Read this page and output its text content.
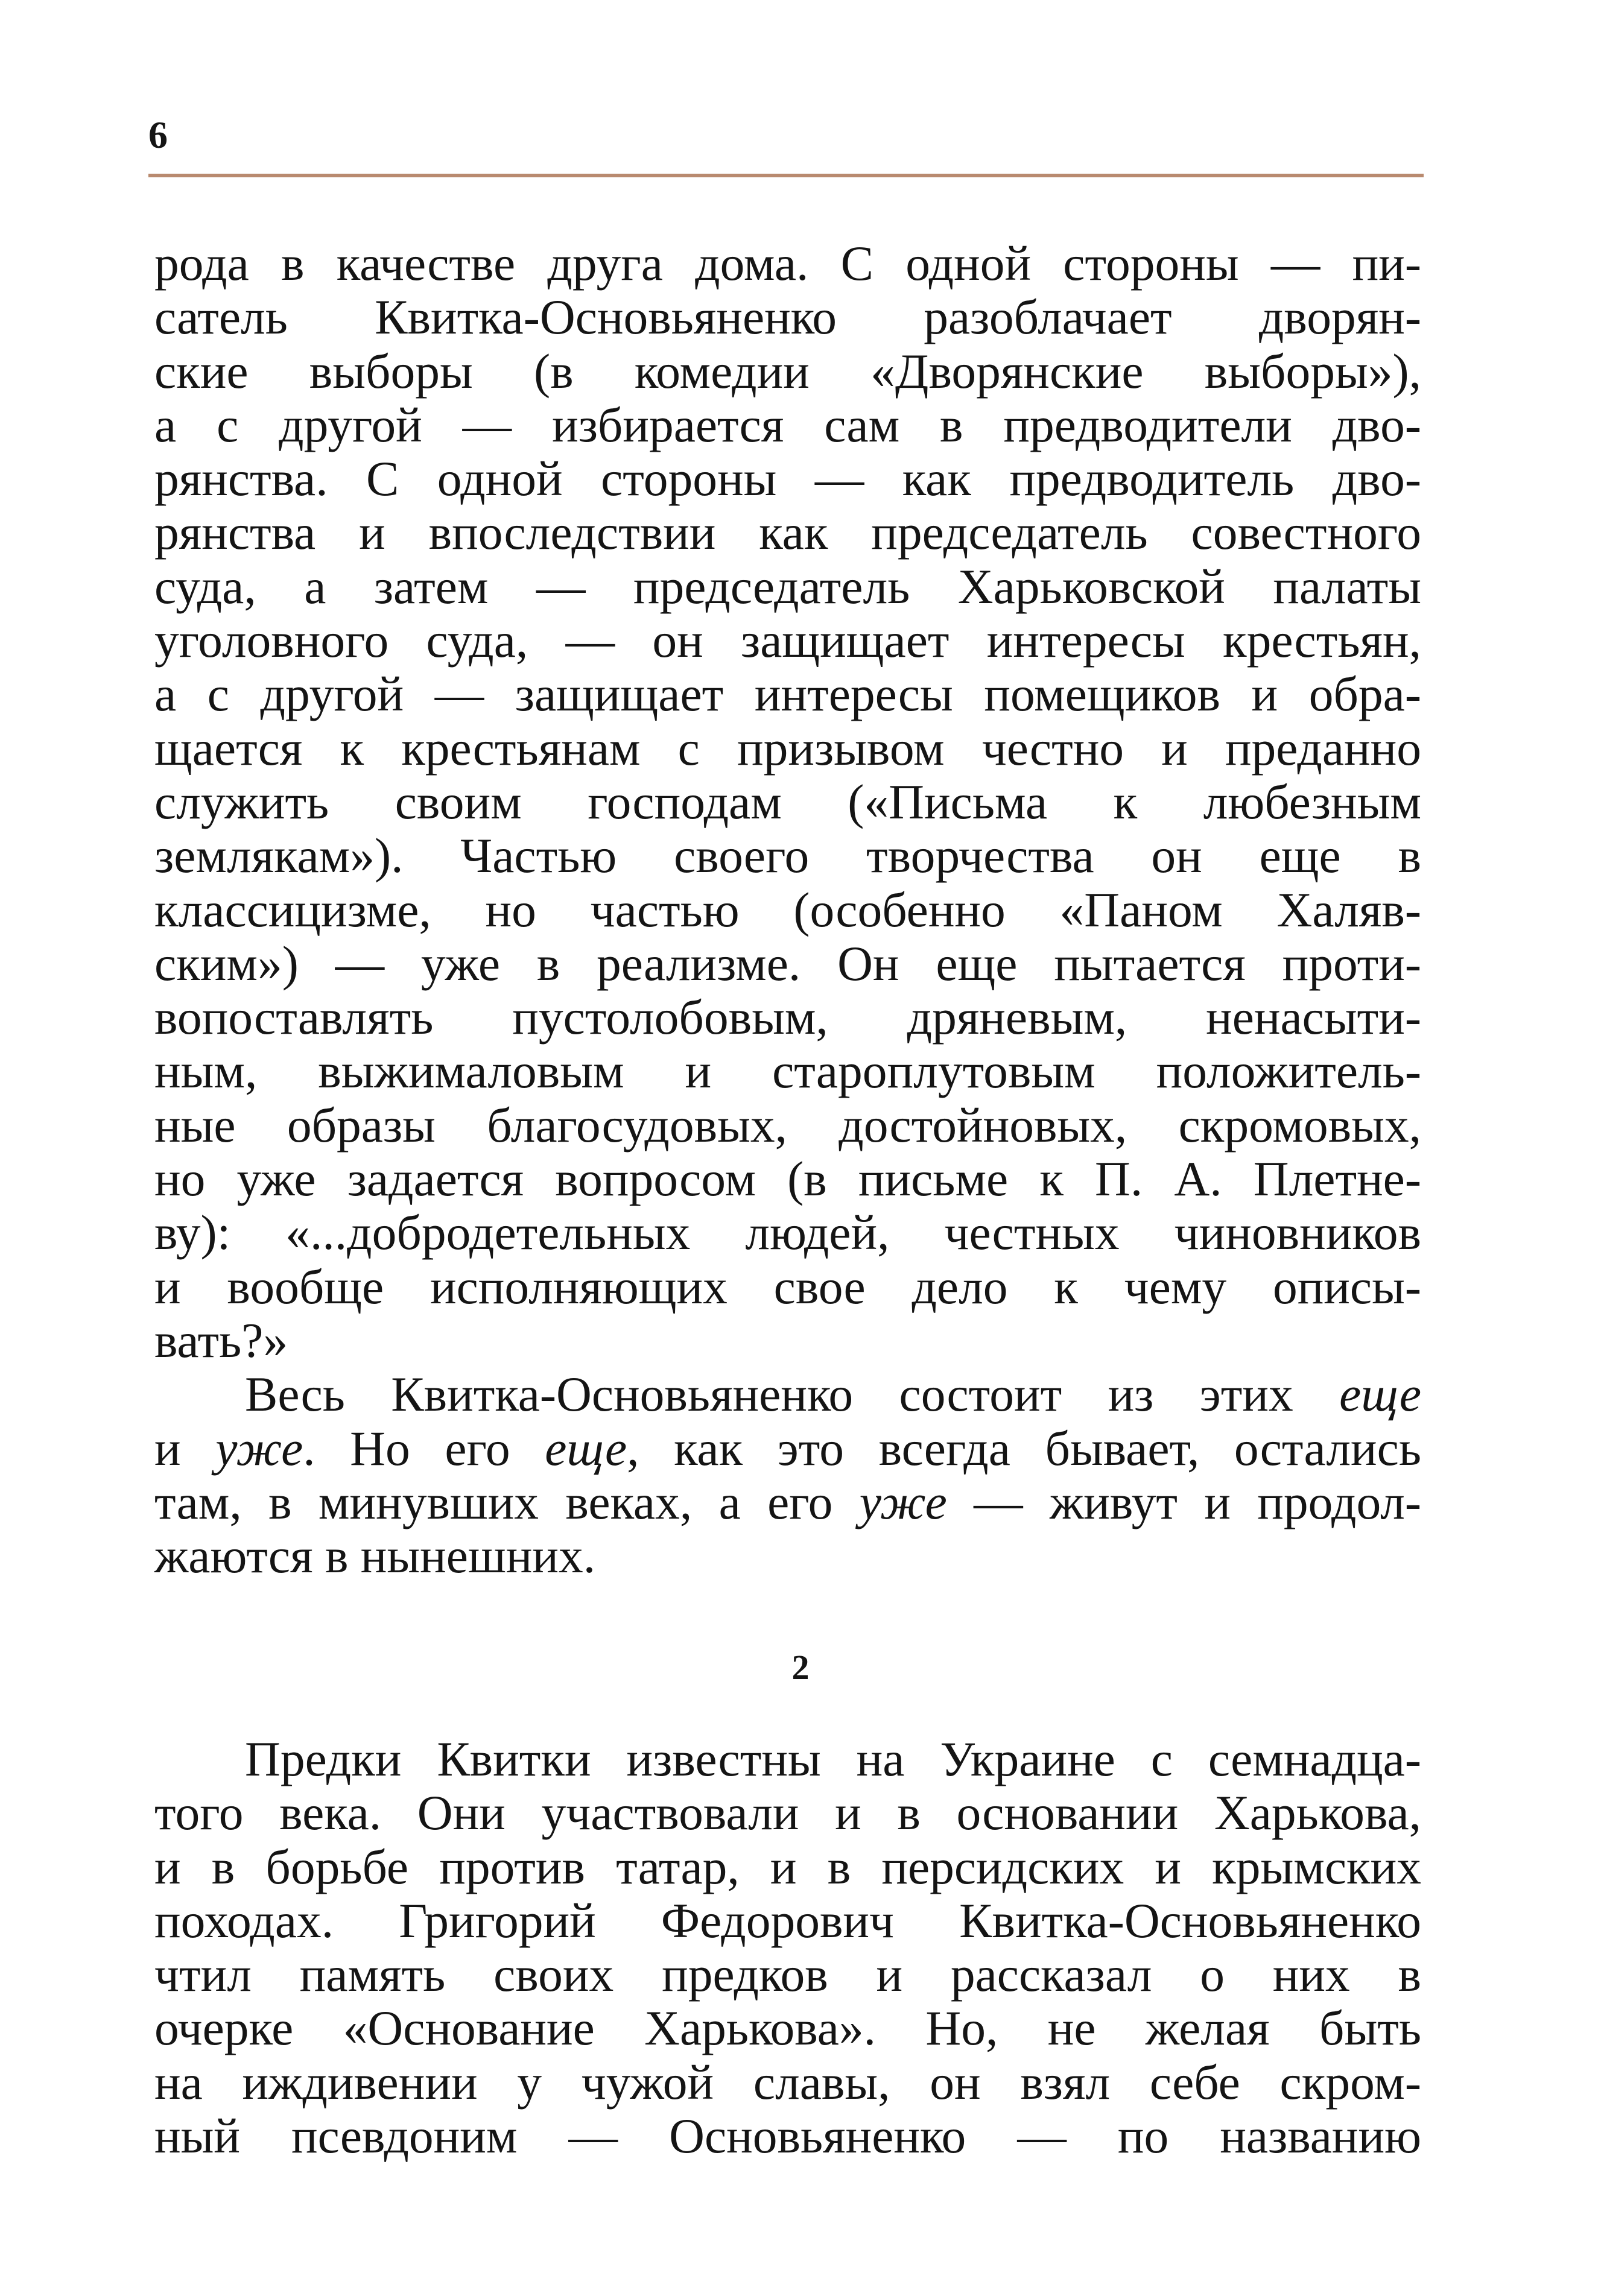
6
рода в качестве друга дома. С одной стороны — пи-
сатель Квитка-Основьяненко разоблачает дворян-
ские выборы (в комедии «Дворянские выборы»),
а с другой — избирается сам в предводители дво-
рянства. С одной стороны — как предводитель дво-
рянства и впоследствии как председатель совестного
суда, а затем — председатель Харьковской палаты
уголовного суда, — он защищает интересы крестьян,
а с другой — защищает интересы помещиков и обра-
щается к крестьянам с призывом честно и преданно
служить своим господам («Письма к любезным
землякам»). Частью своего творчества он еще в
классицизме, но частью (особенно «Паном Халяв-
ским») — уже в реализме. Он еще пытается проти-
вопоставлять пустолобовым, дряневым, ненасыти-
ным, выжималовым и староплутовым положитель-
ные образы благосудовых, достойновых, скромовых,
но уже задается вопросом (в письме к П. А. Плетне-
ву): «...добродетельных людей, честных чиновников
и вообще исполняющих свое дело к чему описы-
вать?»
Весь Квитка-Основьяненко состоит из этих еще
и уже. Но его еще, как это всегда бывает, остались
там, в минувших веках, а его уже — живут и продол-
жаются в нынешних.
2
Предки Квитки известны на Украине с семнадца-
того века. Они участвовали и в основании Харькова,
и в борьбе против татар, и в персидских и крымских
походах. Григорий Федорович Квитка-Основьяненко
чтил память своих предков и рассказал о них в
очерке «Основание Харькова». Но, не желая быть
на иждивении у чужой славы, он взял себе скром-
ный псевдоним — Основьяненко — по названию
